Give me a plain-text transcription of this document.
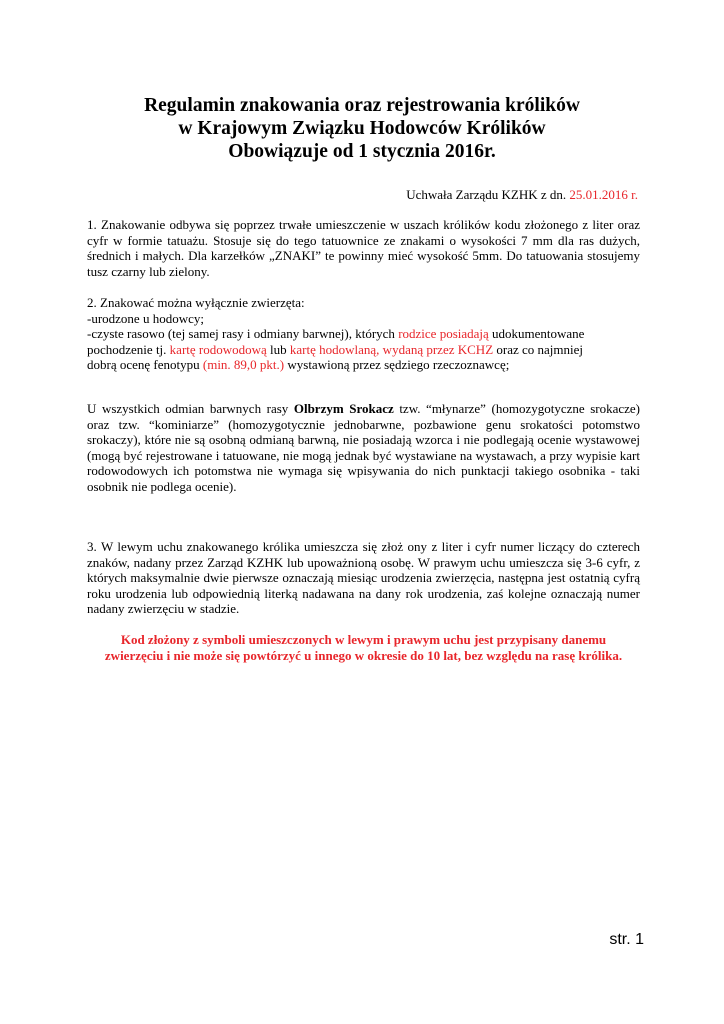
Regulamin znakowania oraz rejestrowania królików
w Krajowym Związku Hodowców Królików
Obowiązuje od 1 stycznia 2016r.
Uchwała Zarządu KZHK z dn. 25.01.2016 r.
1. Znakowanie odbywa się poprzez trwałe umieszczenie w uszach królików kodu złożonego z liter oraz cyfr w formie tatuażu. Stosuje się do tego tatuownice ze znakami o wysokości 7 mm dla ras dużych, średnich i małych. Dla karzełków „ZNAKI” te powinny mieć wysokość 5mm. Do tatuowania stosujemy tusz czarny lub zielony.
2. Znakować można wyłącznie zwierzęta:
-urodzone u hodowcy;
-czyste rasowo (tej samej rasy i odmiany barwnej), których rodzice posiadają udokumentowane
pochodzenie tj. kartę rodowodową lub kartę hodowlaną, wydaną przez KCHZ oraz co najmniej
dobrą ocenę fenotypu (min. 89,0 pkt.) wystawioną przez sędziego rzeczoznawcę;
U wszystkich odmian barwnych rasy Olbrzym Srokacz tzw. “młynarze” (homozygotyczne srokacze) oraz tzw. “kominiarze” (homozygotycznie jednobarwne, pozbawione genu srokatości potomstwo srokaczy), które nie są osobną odmianą barwną, nie posiadają wzorca i nie podlegają ocenie wystawowej (mogą być rejestrowane i tatuowane, nie mogą jednak być wystawiane na wystawach, a przy wypisie kart rodowodowych ich potomstwa nie wymaga się wpisywania do nich punktacji takiego osobnika - taki osobnik nie podlega ocenie).
3. W lewym uchu znakowanego królika umieszcza się złoż ony z liter i cyfr numer liczący do czterech znaków, nadany przez Zarząd KZHK lub upoważnioną osobę. W prawym uchu umieszcza się 3-6 cyfr, z których maksymalnie dwie pierwsze oznaczają miesiąc urodzenia zwierzęcia, następna jest ostatnią cyfrą roku urodzenia lub odpowiednią literką nadawana na dany rok urodzenia, zaś kolejne oznaczają numer nadany zwierzęciu w stadzie.
Kod złożony z symboli umieszczonych w lewym i prawym uchu jest przypisany danemu
zwierzęciu i nie może się powtórzyć u innego w okresie do 10 lat, bez względu na rasę królika.
str. 1
